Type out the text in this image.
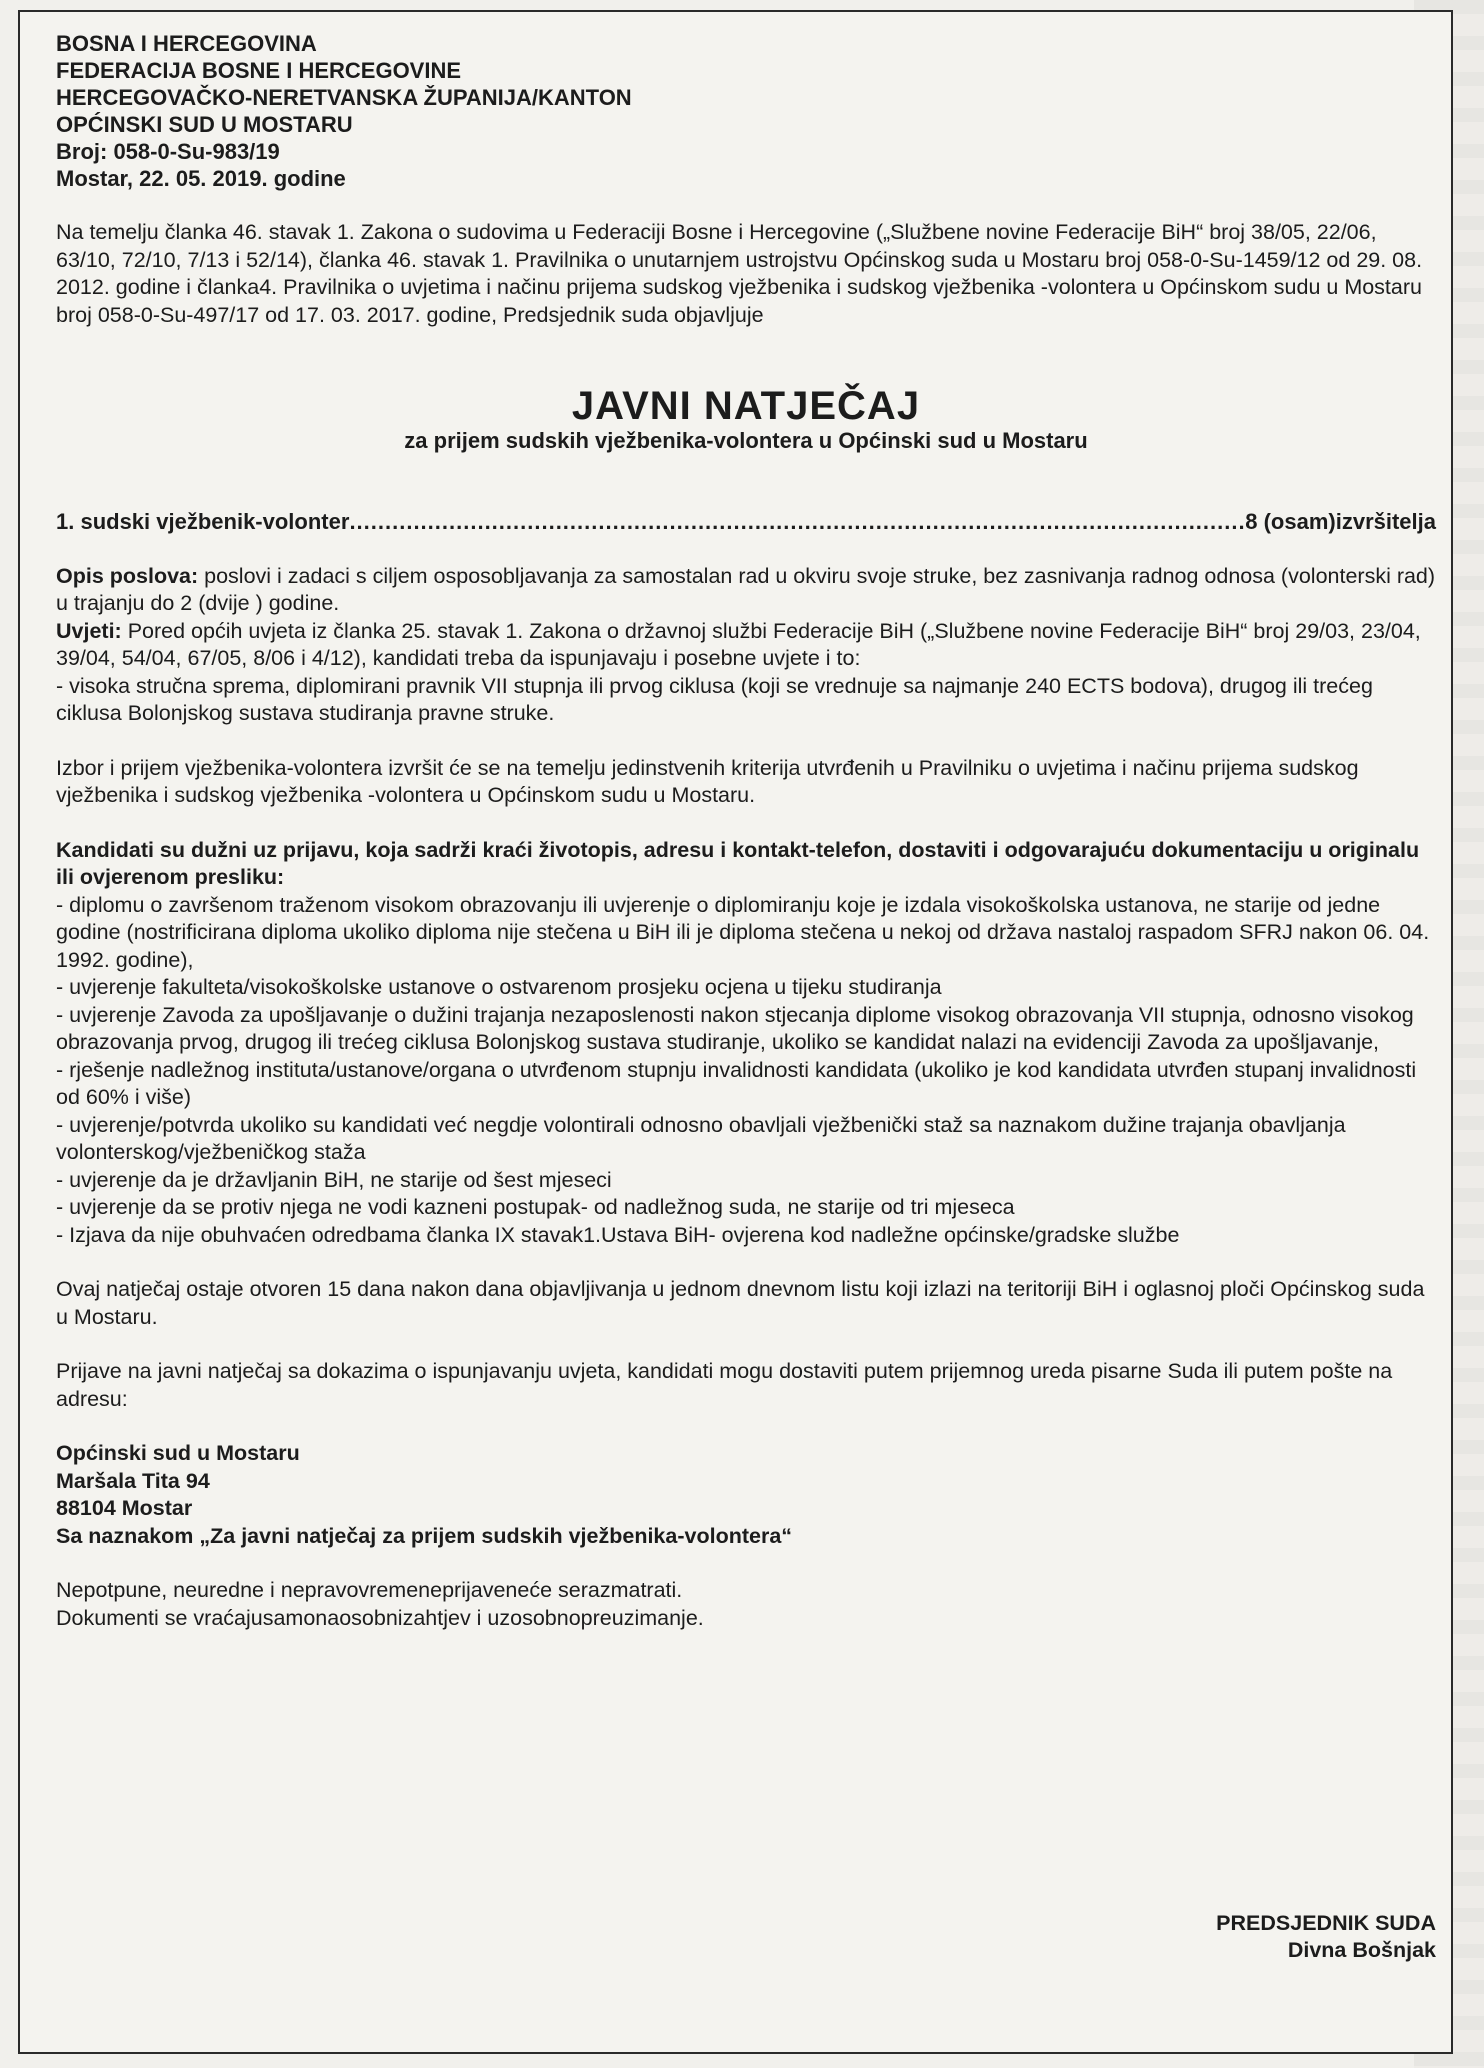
BOSNA I HERCEGOVINA
FEDERACIJA BOSNE I HERCEGOVINE
HERCEGOVAČKO-NERETVANSKA ŽUPANIJA/KANTON
OPĆINSKI SUD U MOSTARU
Broj: 058-0-Su-983/19
Mostar, 22. 05. 2019. godine

Na temelju članka 46. stavak 1. Zakona o sudovima u Federaciji Bosne i Hercegovine („Službene novine Federacije BiH“ broj 38/05, 22/06, 63/10, 72/10, 7/13 i 52/14), članka 46. stavak 1. Pravilnika o unutarnjem ustrojstvu Općinskog suda u Mostaru broj 058-0-Su-1459/12 od 29. 08. 2012. godine i članka4. Pravilnika o uvjetima i načinu prijema sudskog vježbenika i sudskog vježbenika -volontera u Općinskom sudu u Mostaru broj 058-0-Su-497/17 od 17. 03. 2017. godine, Predsjednik suda objavljuje

JAVNI NATJEČAJ
za prijem sudskih vježbenika-volontera u Općinski sud u Mostaru
1. sudski vježbenik-volonter
.....	8 (osam)izvršitelja

Opis poslova: poslovi i zadaci s ciljem osposobljavanja za samostalan rad u okviru svoje struke, bez zasnivanja radnog odnosa (volonterski rad) u trajanju do 2 (dvije ) godine.

Uvjeti: Pored općih uvjeta iz članka 25. stavak 1. Zakona o državnoj službi Federacije BiH („Službene novine Federacije BiH“ broj 29/03, 23/04, 39/04, 54/04, 67/05, 8/06 i 4/12), kandidati treba da ispunjavaju i posebne uvjete i to:

- visoka stručna sprema, diplomirani pravnik VII stupnja ili prvog ciklusa (koji se vrednuje sa najmanje 240 ECTS bodova), drugog ili trećeg ciklusa Bolonjskog sustava studiranja pravne struke.

Izbor i prijem vježbenika-volontera izvršit će se na temelju jedinstvenih kriterija utvrđenih u Pravilniku o uvjetima i načinu prijema sudskog vježbenika i sudskog vježbenika -volontera u Općinskom sudu u Mostaru.

Kandidati su dužni uz prijavu, koja sadrži kraći životopis, adresu i kontakt-telefon, dostaviti i odgovarajuću dokumentaciju u originalu ili ovjerenom presliku:

- diplomu o završenom traženom visokom obrazovanju ili uvjerenje o diplomiranju koje je izdala visokoškolska ustanova, ne starije od jedne godine (nostrificirana diploma ukoliko diploma nije stečena u BiH ili je diploma stečena u nekoj od država nastaloj raspadom SFRJ nakon 06. 04. 1992. godine),

- uvjerenje fakulteta/visokoškolske ustanove o ostvarenom prosjeku ocjena u tijeku studiranja

- uvjerenje Zavoda za upošljavanje o dužini trajanja nezaposlenosti nakon stjecanja diplome visokog obrazovanja VII stupnja, odnosno visokog obrazovanja prvog, drugog ili trećeg ciklusa Bolonjskog sustava studiranje, ukoliko se kandidat nalazi na evidenciji Zavoda za upošljavanje,

- rješenje nadležnog instituta/ustanove/organa o utvrđenom stupnju invalidnosti kandidata (ukoliko je kod kandidata utvrđen stupanj invalidnosti od 60% i više)

- uvjerenje/potvrda ukoliko su kandidati već negdje volontirali odnosno obavljali vježbenički staž sa naznakom dužine trajanja obavljanja volonterskog/vježbeničkog staža

- uvjerenje da je državljanin BiH, ne starije od šest mjeseci

- uvjerenje da se protiv njega ne vodi kazneni postupak- od nadležnog suda, ne starije od tri mjeseca

- Izjava da nije obuhvaćen odredbama članka IX stavak1.Ustava BiH- ovjerena kod nadležne općinske/gradske službe

Ovaj natječaj ostaje otvoren 15 dana nakon dana objavljivanja u jednom dnevnom listu koji izlazi na teritoriji BiH i oglasnoj ploči Općinskog suda u Mostaru.

Prijave na javni natječaj sa dokazima o ispunjavanju uvjeta, kandidati mogu dostaviti putem prijemnog ureda pisarne Suda ili putem pošte na adresu:

Općinski sud u Mostaru
Maršala Tita 94
88104 Mostar
Sa naznakom „Za javni natječaj za prijem sudskih vježbenika-volontera“
Nepotpune, neuredne i nepravovremeneprijaveneće serazmatrati.
Dokumenti se vraćajusamonaosobnizahtjev i uzosobnopreuzimanje.
PREDSJEDNIK SUDA
Divna Bošnjak
